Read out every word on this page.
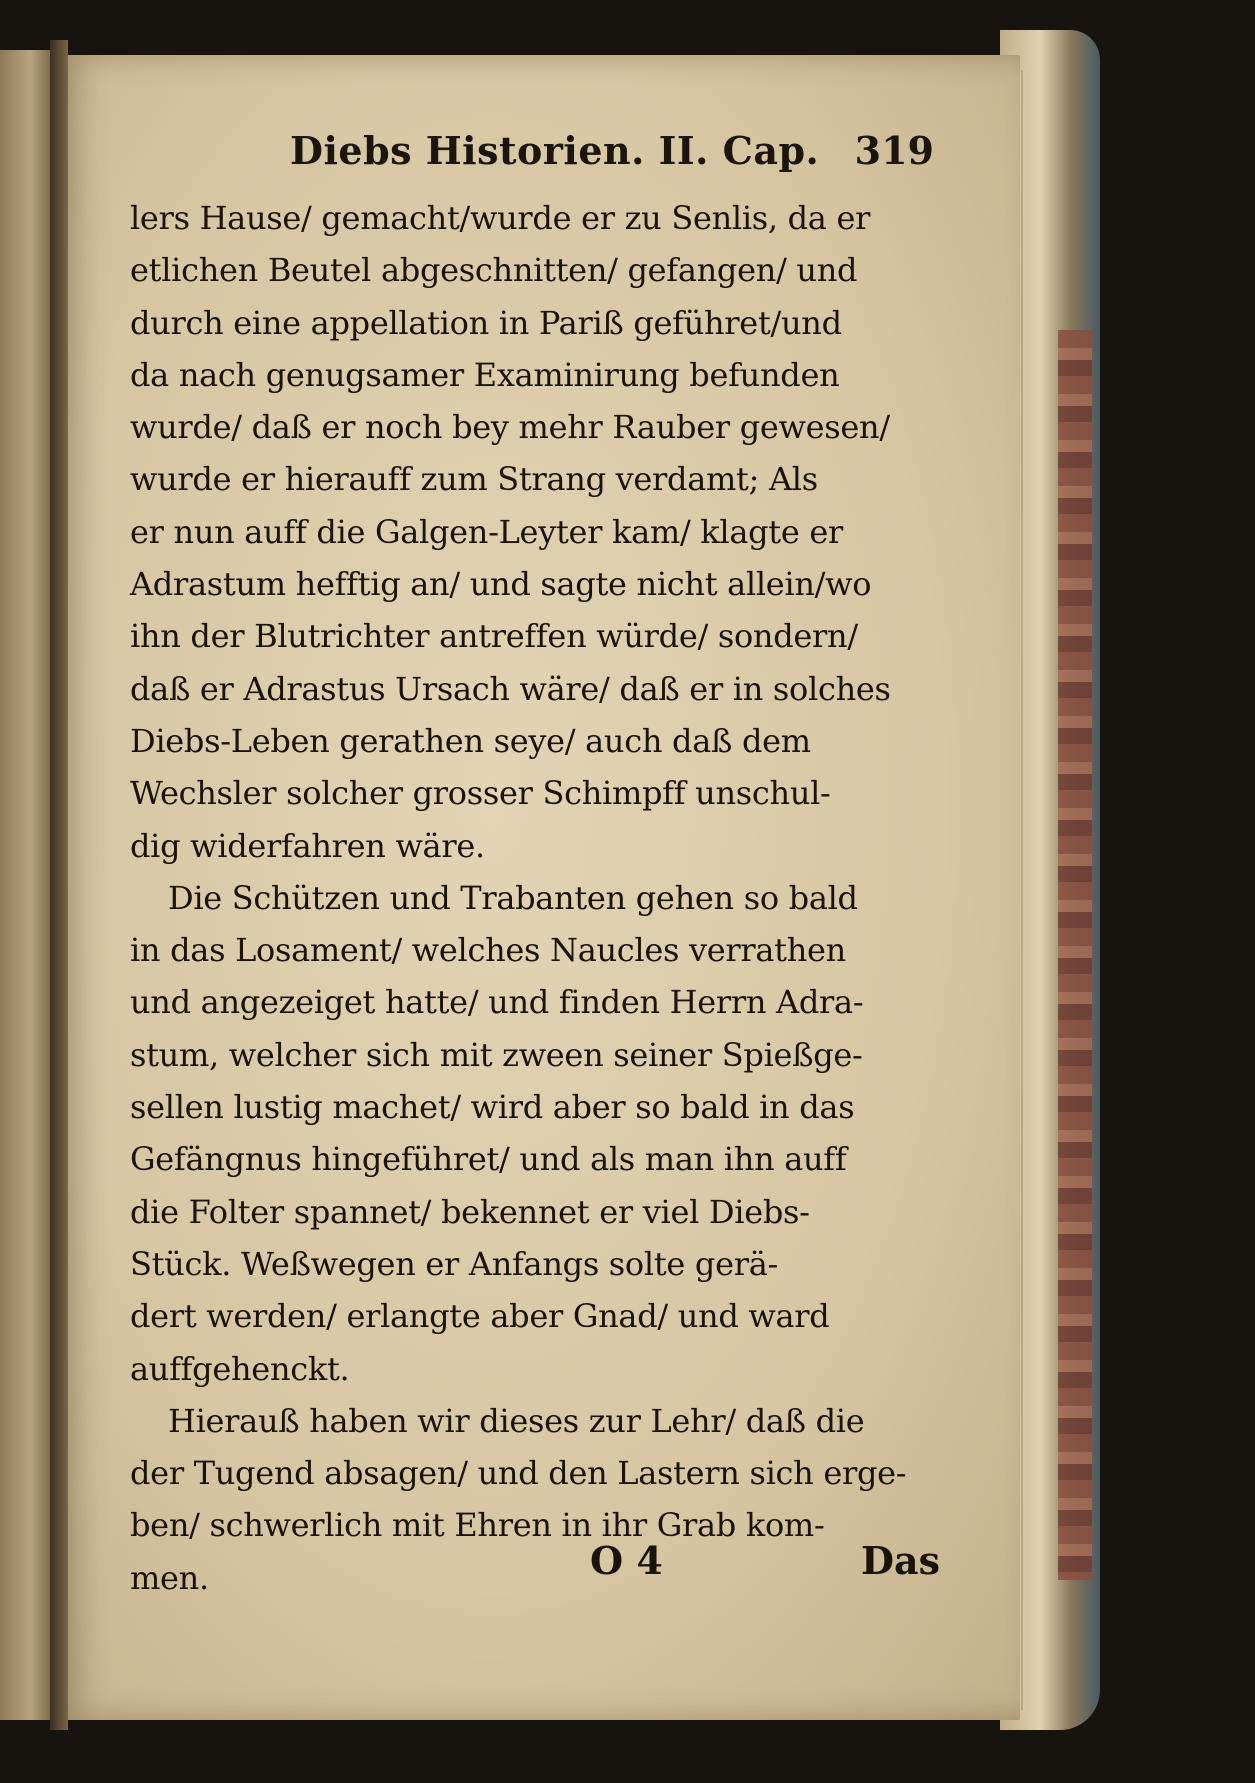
Diebs Historien. II. Cap. 319
lers Hause/ gemacht/wurde er zu Senlis, da er
etlichen Beutel abgeschnitten/ gefangen/ und
durch eine appellation in Pariß geführet/und
da nach genugsamer Examinirung befunden
wurde/ daß er noch bey mehr Rauber gewesen/
wurde er hierauff zum Strang verdamt; Als
er nun auff die Galgen-Leyter kam/ klagte er
Adrastum hefftig an/ und sagte nicht allein/wo
ihn der Blutrichter antreffen würde/ sondern/
daß er Adrastus Ursach wäre/ daß er in solches
Diebs-Leben gerathen seye/ auch daß dem
Wechsler solcher grosser Schimpff unschul-
dig widerfahren wäre.
Die Schützen und Trabanten gehen so bald
in das Losament/ welches Naucles verrathen
und angezeiget hatte/ und finden Herrn Adra-
stum, welcher sich mit zween seiner Spießge-
sellen lustig machet/ wird aber so bald in das
Gefängnus hingeführet/ und als man ihn auff
die Folter spannet/ bekennet er viel Diebs-
Stück. Weßwegen er Anfangs solte gerä-
dert werden/ erlangte aber Gnad/ und ward
auffgehenckt.
Hierauß haben wir dieses zur Lehr/ daß die
der Tugend absagen/ und den Lastern sich erge-
ben/ schwerlich mit Ehren in ihr Grab kom-
men.	O 4	Das
